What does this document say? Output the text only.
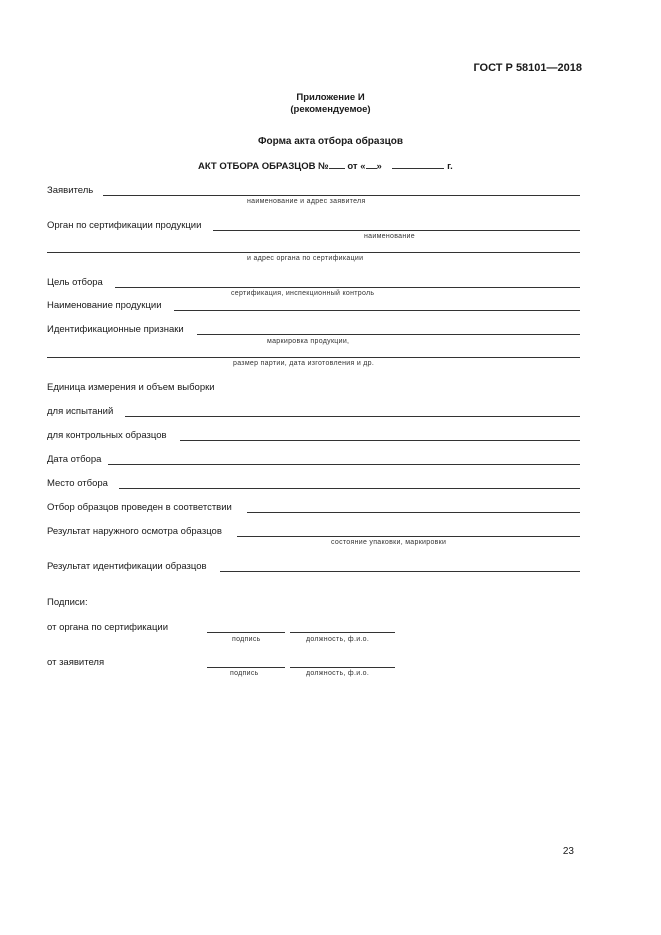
ГОСТ Р 58101—2018
Приложение И
(рекомендуемое)
Форма акта отбора образцов
АКТ ОТБОРА ОБРАЗЦОВ № от « »	г.
Заявитель
наименование и адрес заявителя
Орган по сертификации продукции
наименование
и адрес органа по сертификации
Цель отбора
сертификация, инспекционный контроль
Наименование продукции
Идентификационные признаки
маркировка продукции,
размер партии, дата изготовления и др.
Единица измерения и объем выборки
для испытаний
для контрольных образцов
Дата отбора
Место отбора
Отбор образцов проведен в соответствии
Результат наружного осмотра образцов
состояние упаковки, маркировки
Результат идентификации образцов
Подписи:
от органа по сертификации
подпись	должность, ф.и.о.
от заявителя
подпись	должность, ф.и.о.
23
